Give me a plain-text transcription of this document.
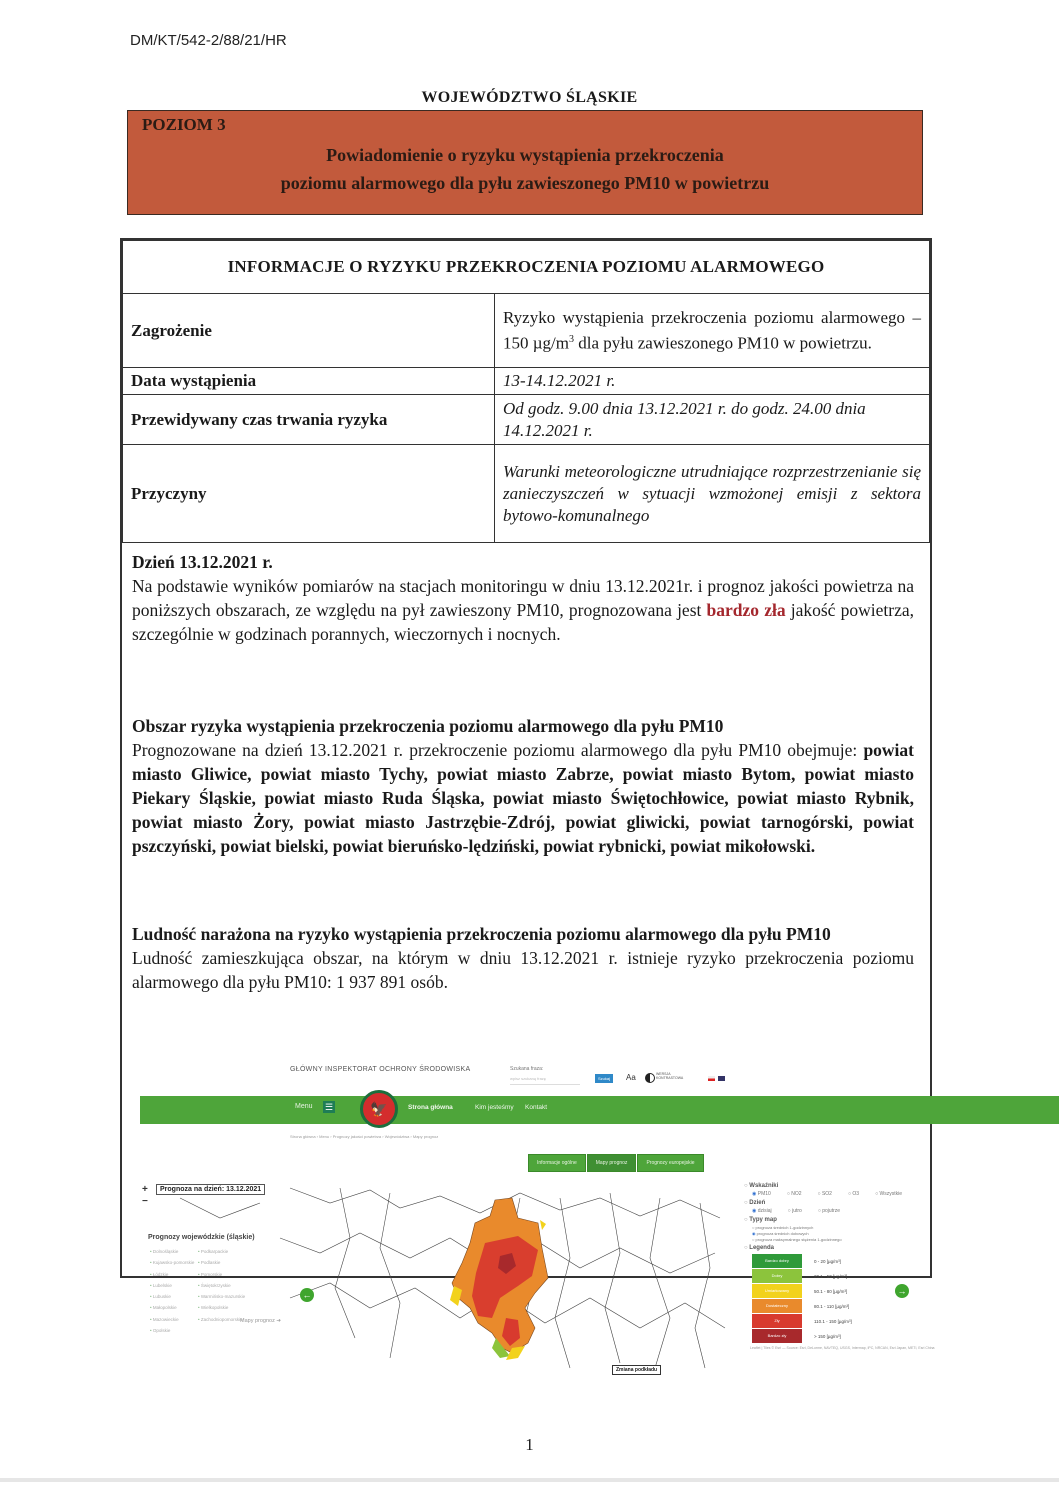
DM/KT/542-2/88/21/HR
WOJEWÓDZTWO ŚLĄSKIE
POZIOM 3
Powiadomienie o ryzyku wystąpienia przekroczenia
poziomu alarmowego dla pyłu zawieszonego PM10 w powietrzu
INFORMACJE O RYZYKU PRZEKROCZENIA POZIOMU ALARMOWEGO	
Zagrożenie	Ryzyko wystąpienia przekroczenia poziomu alarmowego – 150 $\mu g/m^3$ dla pyłu zawieszonego PM10 w powietrzu.
Data wystąpienia	13-14.12.2021 r.
Przewidywany czas trwania ryzyka	Od godz. 9.00 dnia 13.12.2021 r. do godz. 24.00 dnia 14.12.2021 r.
Przyczyny	Warunki meteorologiczne utrudniające rozprzestrzenianie się zanieczyszczeń w sytuacji wzmożonej emisji z sektora bytowo-komunalnego
Dzień 13.12.2021 r.
Na podstawie wyników pomiarów na stacjach monitoringu w dniu 13.12.2021r. i prognoz jakości powietrza na poniższych obszarach, ze względu na pył zawieszony PM10, prognozowana jest bardzo zła jakość powietrza, szczególnie w godzinach porannych, wieczornych i nocnych.
Obszar ryzyka wystąpienia przekroczenia poziomu alarmowego dla pyłu PM10
Prognozowane na dzień 13.12.2021 r. przekroczenie poziomu alarmowego dla pyłu PM10 obejmuje: powiat miasto Gliwice, powiat miasto Tychy, powiat miasto Zabrze, powiat miasto Bytom, powiat miasto Piekary Śląskie, powiat miasto Ruda Śląska, powiat miasto Świętochłowice, powiat miasto Rybnik, powiat miasto Żory, powiat miasto Jastrzębie-Zdrój, powiat gliwicki, powiat tarnogórski, powiat pszczyński, powiat bielski, powiat bieruńsko-lędziński, powiat rybnicki, powiat mikołowski.
Ludność narażona na ryzyko wystąpienia przekroczenia poziomu alarmowego dla pyłu PM10
Ludność zamieszkująca obszar, na którym w dniu 13.12.2021 r. istnieje ryzyko przekroczenia poziomu alarmowego dla pyłu PM10: 1 937 891 osób.
GŁÓWNY INSPEKTORAT OCHRONY ŚRODOWISKA	Szukana fraza:
wpisz szukaną frazę	Szukaj	Aa	WERSJA KONTRASTOWA
Menu ☰	🦅	Strona główna	Kim jesteśmy Kontakt
Strona główna › Menu › Prognozy jakości powietrza › Województwa › Mapy prognoz
Informacje ogólne	Mapy prognoz	Prognozy europejskie
+
−
Prognoza na dzień: 13.12.2021
Prognozy wojewódzkie (śląskie)
• Dolnośląskie
• Kujawsko-pomorskie
• Łódzkie
• Lubelskie
• Lubuskie
• Małopolskie
• Mazowieckie
• Opolskie
• Podkarpackie
• Podlaskie
• Pomorskie
• Świętokrzyskie
• Warmińsko-mazurskie
• Wielkopolskie
• Zachodniopomorskie
Mapy prognoz ➔
←
Zmiana podkładu
→
○ Wskaźniki
◉ PM10	○ NO2	○ SO2	○ O3	○ Wszystkie
○ Dzień
◉ dzisiaj	○ jutro	○ pojutrze
○ Typy map
○ prognoza średnich 1-godzinnych
◉ prognoza średnich dobowych
○ prognoza maksymalnego stężenia 1-godzinnego
○ Legenda
Bardzo dobry	0 - 20 [µg/m³]
Dobry	20.1 - 50 [µg/m³]
Umiarkowany	50.1 - 80 [µg/m³]
Dostateczny	80.1 - 110 [µg/m³]
Zły	110.1 - 150 [µg/m³]
Bardzo zły	> 150 [µg/m³]
Leaflet | Tiles © Esri — Source: Esri, DeLorme, NAVTEQ, USGS, Intermap, iPC, NRCAN, Esri Japan, METI, Esri China
1
